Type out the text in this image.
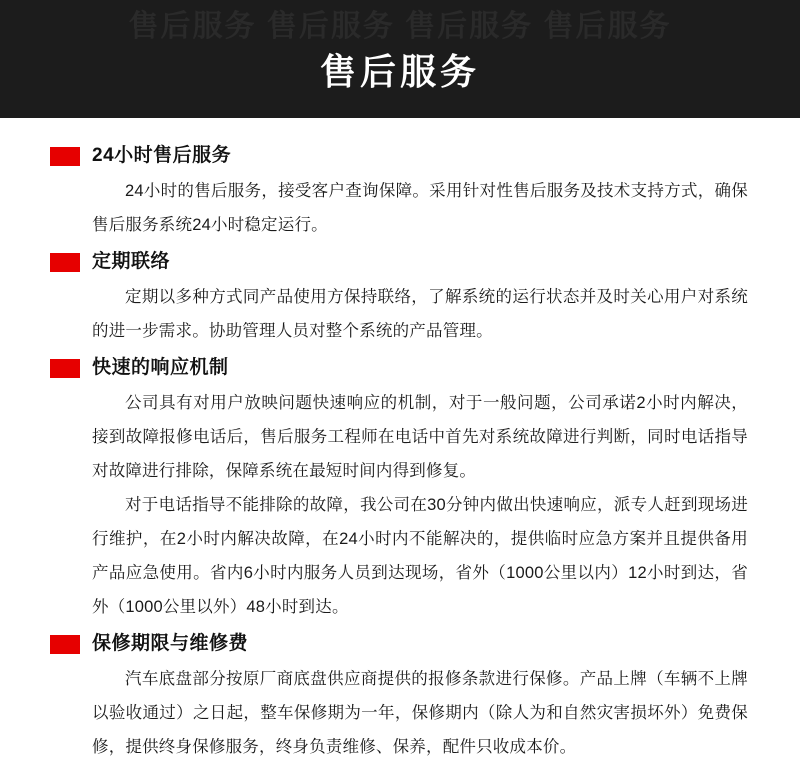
售后服务 售后服务 售后服务 售后服务
售后服务
24小时售后服务

24小时的售后服务，接受客户查询保障。采用针对性售后服务及技术支持方式，确保售后服务系统24小时稳定运行。

定期联络

定期以多种方式同产品使用方保持联络，了解系统的运行状态并及时关心用户对系统的进一步需求。协助管理人员对整个系统的产品管理。

快速的响应机制

公司具有对用户放映问题快速响应的机制，对于一般问题，公司承诺2小时内解决，接到故障报修电话后，售后服务工程师在电话中首先对系统故障进行判断，同时电话指导对故障进行排除，保障系统在最短时间内得到修复。

对于电话指导不能排除的故障，我公司在30分钟内做出快速响应，派专人赶到现场进行维护，在2小时内解决故障，在24小时内不能解决的，提供临时应急方案并且提供备用产品应急使用。省内6小时内服务人员到达现场，省外（1000公里以内）12小时到达，省外（1000公里以外）48小时到达。

保修期限与维修费

汽车底盘部分按原厂商底盘供应商提供的报修条款进行保修。产品上牌（车辆不上牌以验收通过）之日起，整车保修期为一年，保修期内（除人为和自然灾害损坏外）免费保修，提供终身保修服务，终身负责维修、保养，配件只收成本价。
